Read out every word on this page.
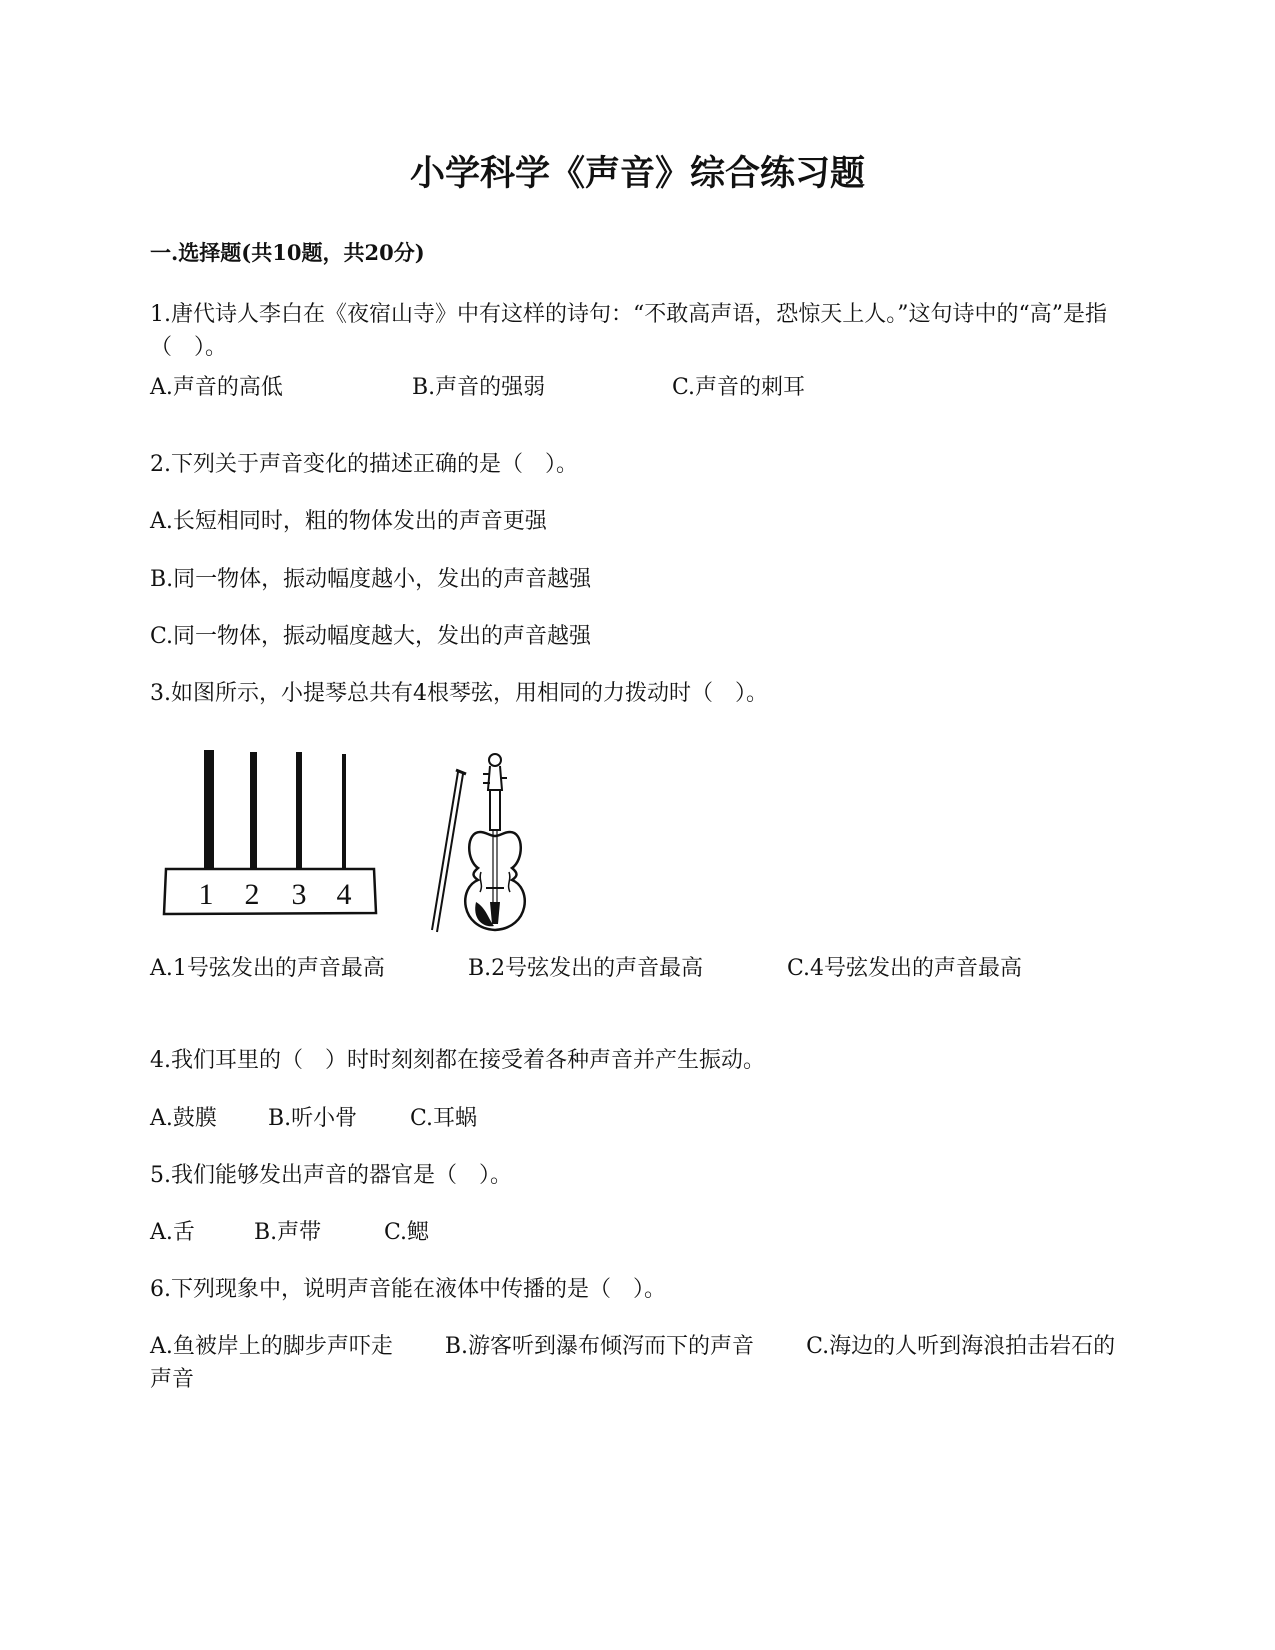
小学科学《声音》综合练习题
一.选择题(共10题，共20分)
1.唐代诗人李白在《夜宿山寺》中有这样的诗句：“不敢高声语，恐惊天上人。”这句诗中的“高”是指（　）。
A.声音的高低	B.声音的强弱	C.声音的刺耳
2.下列关于声音变化的描述正确的是（　）。
A.长短相同时，粗的物体发出的声音更强
B.同一物体，振动幅度越小，发出的声音越强
C.同一物体，振动幅度越大，发出的声音越强
3.如图所示，小提琴总共有4根琴弦，用相同的力拨动时（　）。
1 2 3 4
A.1号弦发出的声音最高	B.2号弦发出的声音最高	C.4号弦发出的声音最高
4.我们耳里的（　）时时刻刻都在接受着各种声音并产生振动。
A.鼓膜 B.听小骨 C.耳蜗
5.我们能够发出声音的器官是（　）。
A.舌	B.声带	C.鳃
6.下列现象中，说明声音能在液体中传播的是（　）。
A.鱼被岸上的脚步声吓走 B.游客听到瀑布倾泻而下的声音 C.海边的人听到海浪拍击岩石的声音
